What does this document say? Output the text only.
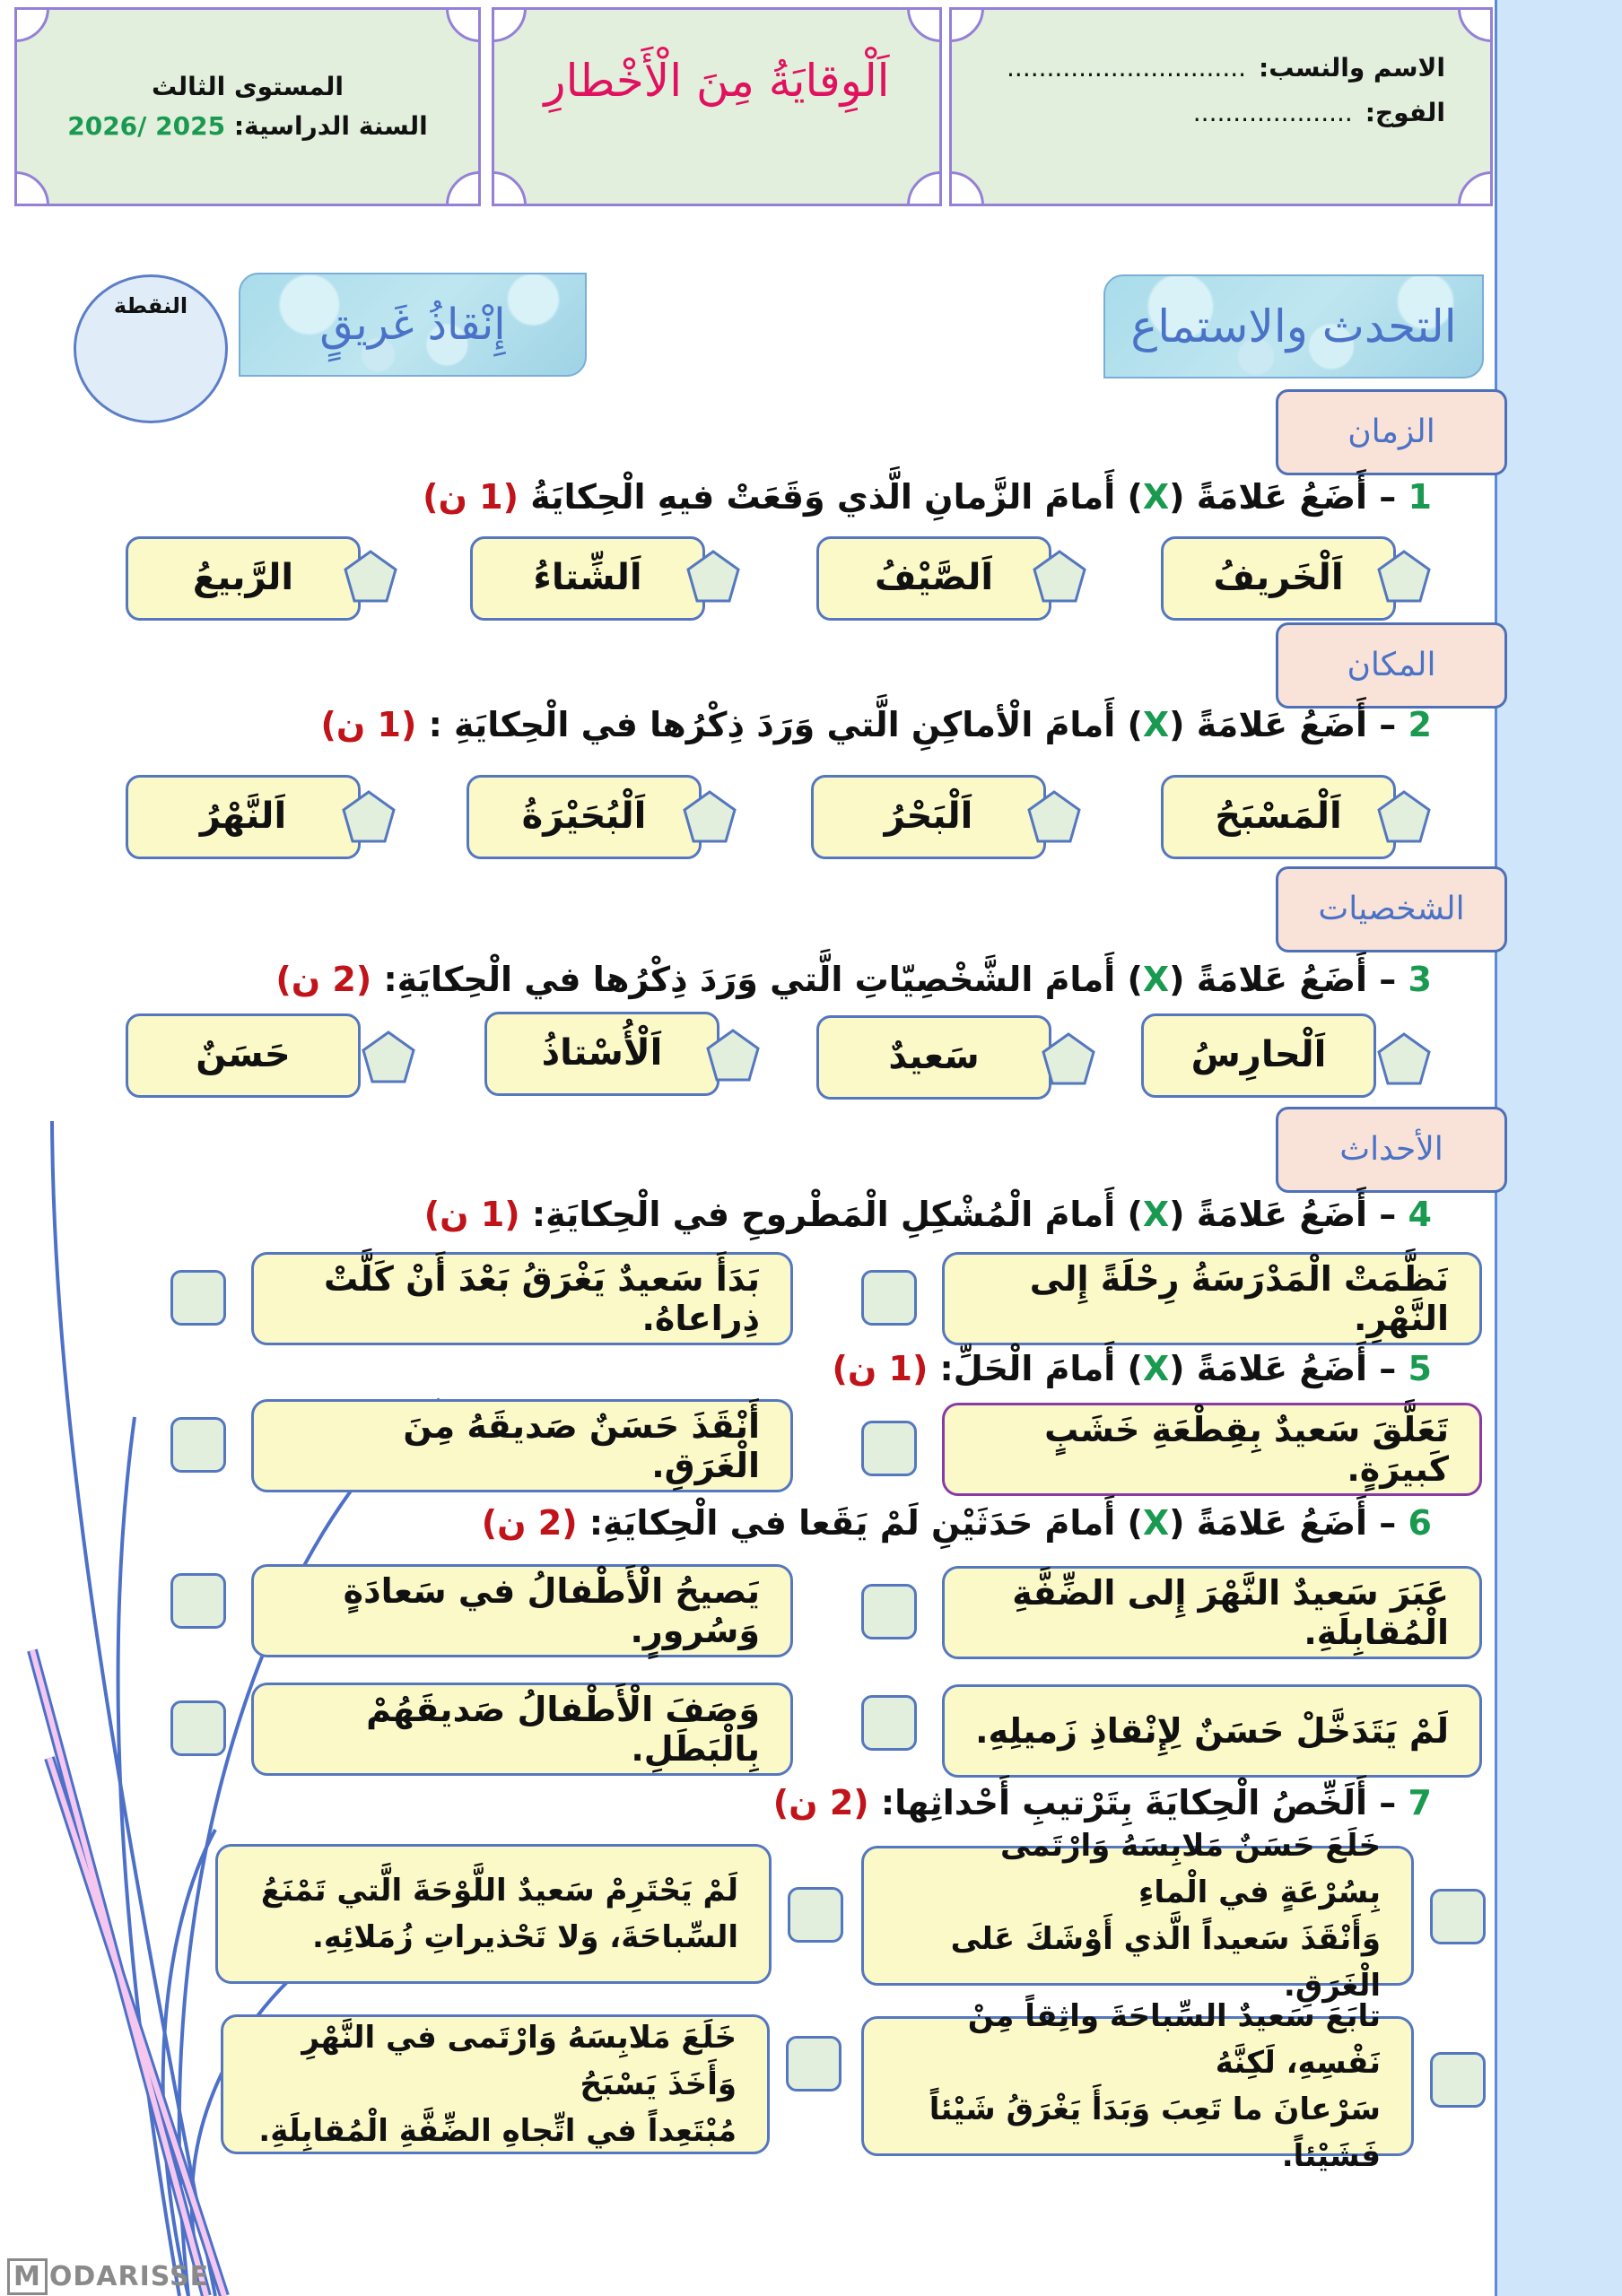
المستوى الثالث
السنة الدراسية: 2025 /2026
اَلْوِقايَةُ مِنَ الْأَخْطارِ	الاسم والنسب:..............................
الفوج:....................
النقطة	إِنْقاذُ غَريقٍ	التحدث والاستماع
الزمان
1 – أَضَعُ عَلامَةً (X) أَمامَ الزَّمانِ الَّذي وَقَعَتْ فيهِ الْحِكايَةُ (1 ن)
اَلْخَريفُ
اَلصَّيْفُ
اَلشِّتاءُ
الرَّبيعُ
المكان
2 – أَضَعُ عَلامَةً (X) أَمامَ الْأماكِنِ الَّتي وَرَدَ ذِكْرُها في الْحِكايَةِ : (1 ن)
اَلْمَسْبَحُ
اَلْبَحْرُ
اَلْبُحَيْرَةُ
اَلنَّهْرُ
الشخصيات
3 – أَضَعُ عَلامَةً (X) أَمامَ الشَّخْصِيّاتِ الَّتي وَرَدَ ذِكْرُها في الْحِكايَةِ: (2 ن)
اَلْحارِسُ
سَعيدٌ
اَلْأُسْتاذُ
حَسَنٌ
الأحداث
4 – أَضَعُ عَلامَةً (X) أَمامَ الْمُشْكِلِ الْمَطْروحِ في الْحِكايَةِ: (1 ن)
نَظَّمَتْ الْمَدْرَسَةُ رِحْلَةً إِلى النَّهْرِ.
بَدَأَ سَعيدٌ يَغْرَقُ بَعْدَ أَنْ كَلَّتْ ذِراعاهُ.
5 – أَضَعُ عَلامَةً (X) أَمامَ الْحَلِّ: (1 ن)
تَعَلَّقَ سَعيدٌ بِقِطْعَةِ خَشَبٍ كَبيرَةٍ.
أَنْقَذَ حَسَنٌ صَديقَهُ مِنَ الْغَرَقِ.
6 – أَضَعُ عَلامَةً (X) أَمامَ حَدَثَيْنِ لَمْ يَقَعا في الْحِكايَةِ: (2 ن)
عَبَرَ سَعيدٌ النَّهْرَ إِلى الضِّفَّةِ الْمُقابِلَةِ.
يَصيحُ الْأَطْفالُ في سَعادَةٍ وَسُرورٍ.
لَمْ يَتَدَخَّلْ حَسَنٌ لِإِنْقاذِ زَميلِهِ.
وَصَفَ الْأَطْفالُ صَديقَهُمْ بِالْبَطَلِ.
7 – أَلَخِّصُ الْحِكايَةَ بِتَرْتيبِ أَحْداثِها: (2 ن)
خَلَعَ حَسَنٌ مَلابِسَهُ وَارْتَمى بِسُرْعَةٍ في الْماءِ
وَأَنْقَذَ سَعيداً الَّذي أَوْشَكَ عَلى الْغَرَقِ.
لَمْ يَحْتَرِمْ سَعيدٌ اللَّوْحَةَ الَّتي تَمْنَعُ
السِّباحَةَ، وَلا تَحْذيراتِ زُمَلائِهِ.
تابَعَ سَعيدٌ السِّباحَةَ واثِقاً مِنْ نَفْسِهِ، لَكِنَّهُ
سَرْعانَ ما تَعِبَ وَبَدَأَ يَغْرَقُ شَيْئاً فَشَيْئاً.
خَلَعَ مَلابِسَهُ وَارْتَمى في النَّهْرِ وَأَخَذَ يَسْبَحُ
مُبْتَعِداً في اتِّجاهِ الضِّفَّةِ الْمُقابِلَةِ.
M ODARISSE
